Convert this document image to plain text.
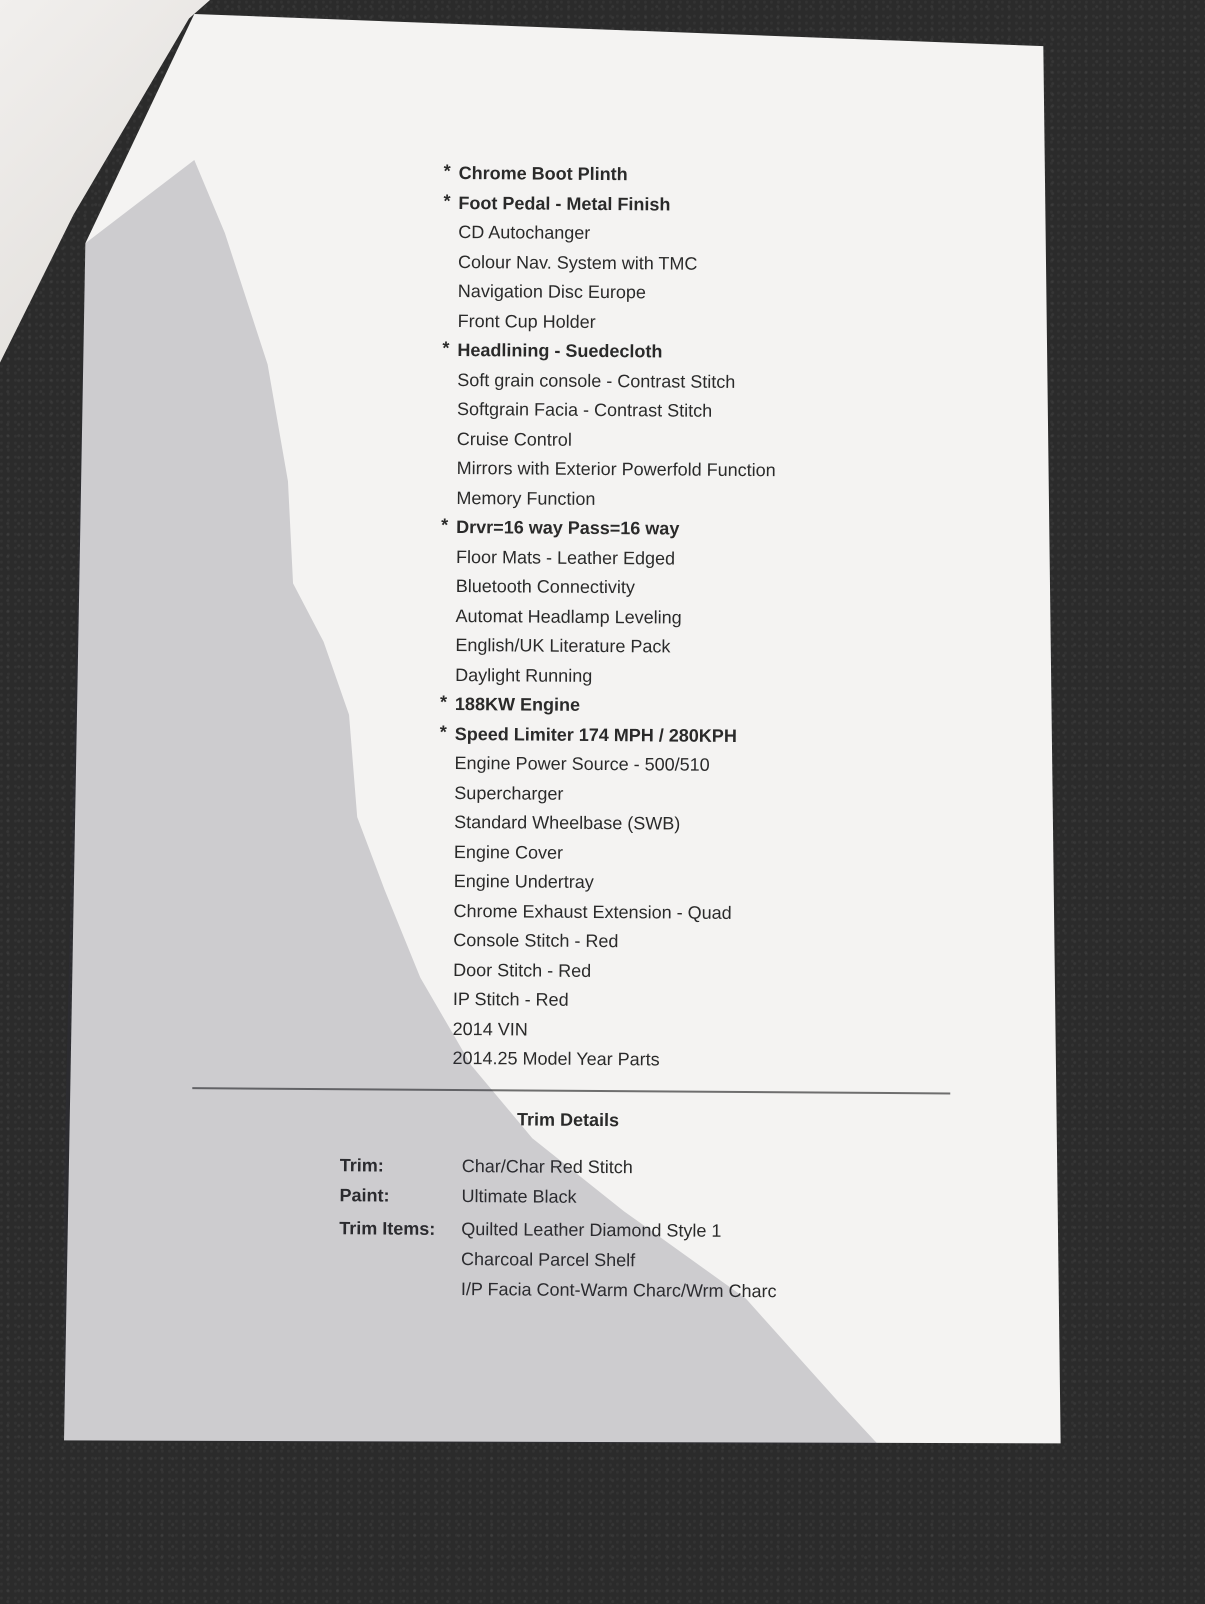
* Chrome Boot Plinth
* Foot Pedal - Metal Finish
CD Autochanger
Colour Nav. System with TMC
Navigation Disc Europe
Front Cup Holder
* Headlining - Suedecloth
Soft grain console - Contrast Stitch
Softgrain Facia - Contrast Stitch
Cruise Control
Mirrors with Exterior Powerfold Function
Memory Function
* Drvr=16 way Pass=16 way
Floor Mats - Leather Edged
Bluetooth Connectivity
Automat Headlamp Leveling
English/UK Literature Pack
Daylight Running
* 188KW Engine
* Speed Limiter 174 MPH / 280KPH
Engine Power Source - 500/510
Supercharger
Standard Wheelbase (SWB)
Engine Cover
Engine Undertray
Chrome Exhaust Extension - Quad
Console Stitch - Red
Door Stitch - Red
IP Stitch - Red
2014 VIN
2014.25 Model Year Parts
Trim Details
Trim:	Char/Char Red Stitch
Paint:	Ultimate Black
Trim Items: Quilted Leather Diamond Style 1
Charcoal Parcel Shelf
I/P Facia Cont-Warm Charc/Wrm Charc
